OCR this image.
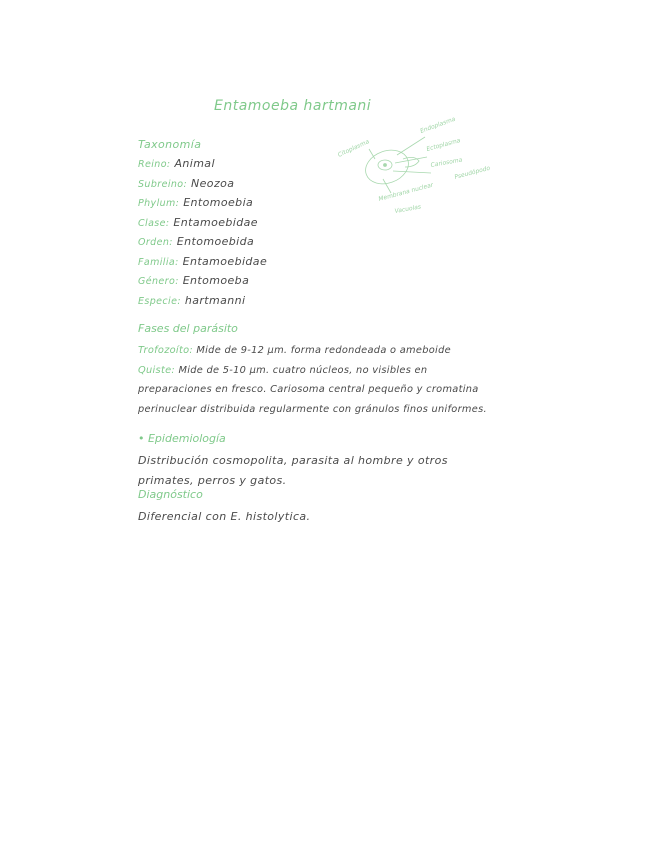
Entamoeba hartmani
Citoplasma
Endoplasma
Ectoplasma
Cariosoma
Pseudópodo
Membrana nuclear
Vacuolas
Taxonomía
Reino: Animal
Subreino: Neozoa
Phylum: Entomoebia
Clase: Entamoebidae
Orden: Entomoebida
Familia: Entamoebidae
Género: Entomoeba
Especie: hartmanni
Fases del parásito
Trofozoíto: Mide de 9-12 µm. forma redondeada o ameboide
Quiste: Mide de 5-10 µm. cuatro núcleos, no visibles en preparaciones en fresco. Cariosoma central pequeño y cromatina perinuclear distribuida regularmente con gránulos finos uniformes.
• Epidemiología
Distribución cosmopolita, parasita al hombre y otros primates, perros y gatos.
Diagnóstico
Diferencial con E. histolytica.
